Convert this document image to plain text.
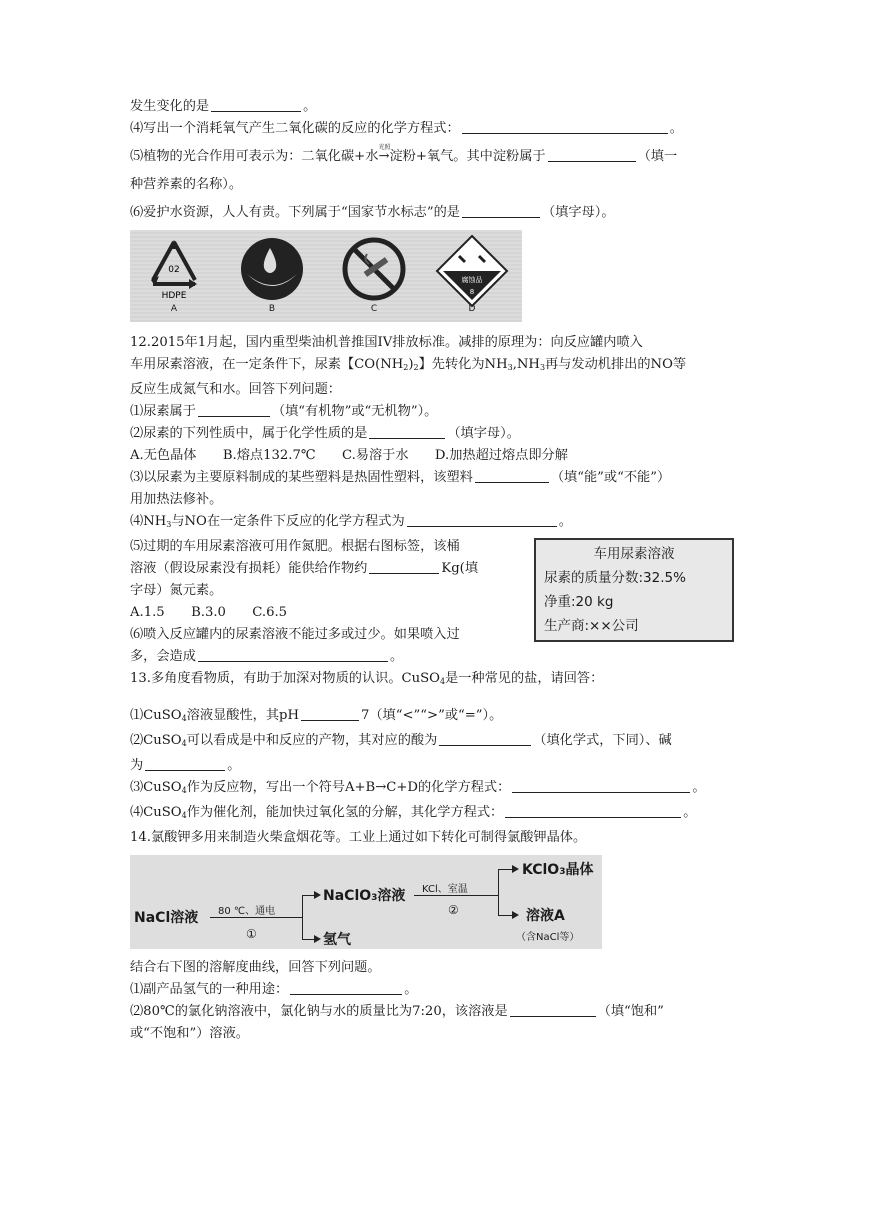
发生变化的是	。
⑷写出一个消耗氧气产生二氧化碳的反应的化学方程式：	。
⑸植物的光合作用可表示为：二氧化碳+水
光照
→淀粉+氧气。其中淀粉属于	（填一
种营养素的名称）。
⑹爱护水资源，人人有责。下列属于“国家节水标志”的是	（填字母）。
02
HDPE
A	B	C
腐蚀品
8
D
12.2015年1月起，国内重型柴油机普推国IV排放标准。减排的原理为：向反应罐内喷入
车用尿素溶液，在一定条件下，尿素【$CO(NH_2)_2$】先转化为$NH_3,NH_3$再与发动机排出的NO等
反应生成氮气和水。回答下列问题：
⑴尿素属于	（填“有机物”或“无机物”）。
⑵尿素的下列性质中，属于化学性质的是	（填字母）。
A.无色晶体　　B.熔点132.7℃　　C.易溶于水　　D.加热超过熔点即分解
⑶以尿素为主要原料制成的某些塑料是热固性塑料，该塑料	（填“能”或“不能”）
用加热法修补。
$⑷NH_3$与NO在一定条件下反应的化学方程式为	。
⑸过期的车用尿素溶液可用作氮肥。根据右图标签，该桶
溶液（假设尿素没有损耗）能供给作物约	Kg(填
字母）氮元素。
A.1.5　　B.3.0　　C.6.5
⑹喷入反应罐内的尿素溶液不能过多或过少。如果喷入过
多，会造成	。
车用尿素溶液
尿素的质量分数:32.5%
净重:20 kg
生产商:××公司
13.多角度看物质，有助于加深对物质的认识。CuSO$_4$是一种常见的盐，请回答：
⑴CuSO$_4$溶液显酸性，其pH	7（填“<”“>”或“=”）。
⑵CuSO$_4$可以看成是中和反应的产物，其对应的酸为	（填化学式，下同）、碱
为	。
⑶CuSO$_4$作为反应物，写出一个符号A+B→C+D的化学方程式：	。
⑷CuSO$_4$作为催化剂，能加快过氧化氢的分解，其化学方程式：	。
14.氯酸钾多用来制造火柴盒烟花等。工业上通过如下转化可制得氯酸钾晶体。
NaCl溶液 80 ℃、通电
①
NaClO3溶液
氢气
KCl、室温
②
KClO3晶体
溶液A
（含NaCl等）
结合右下图的溶解度曲线，回答下列问题。
⑴副产品氢气的一种用途：	。
⑵80℃的氯化钠溶液中，氯化钠与水的质量比为7:20，该溶液是	（填“饱和”
或“不饱和”）溶液。
